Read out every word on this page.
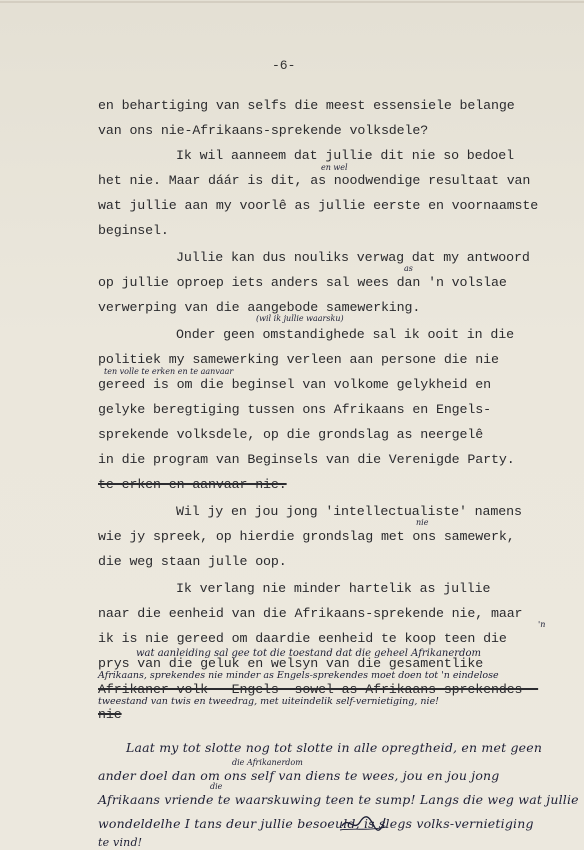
-6-
en behartiging van selfs die meest essensiele belange
van ons nie-Afrikaans-sprekende volksdele?
Ik wil aanneem dat jullie dit nie so bedoel
het nie. Maar dáár is dit, as noodwendige resultaat van
wat jullie aan my voorlê as jullie eerste en voornaamste
beginsel.
Jullie kan dus nouliks verwag dat my antwoord
op jullie oproep iets anders sal wees dan 'n volslae
verwerping van die aangebode samewerking.
Onder geen omstandighede sal ik ooit in die
politiek my samewerking verleen aan persone die nie
gereed is om die beginsel van volkome gelykheid en
gelyke beregtiging tussen ons Afrikaans en Engels-
sprekende volksdele, op die grondslag as neergelê
in die program van Beginsels van die Verenigde Party.
te erken en aanvaar nie.
Wil jy en jou jong 'intellectualiste' namens
wie jy spreek, op hierdie grondslag met ons samewerk,
die weg staan julle oop.
Ik verlang nie minder hartelik as jullie
naar die eenheid van die Afrikaans-sprekende nie, maar
ik is nie gereed om daardie eenheid te koop teen die
prys van die geluk en welsyn van die gesamentlike
Afrikaner-volk - Engels- sowel as Afrikaans-sprekendes -
nie
en wel
as
(wil ik jullie waarsku)
ten volle te erken en te aanvaar
nie
'n
wat aanleiding sal gee tot die toestand dat die geheel Afrikanerdom
Afrikaans, sprekendes nie minder as Engels-sprekendes moet doen tot 'n eindelose
tweestand van twis en tweedrag, met uiteindelik self-vernietiging, nie!
Laat my tot slotte nog tot slotte in alle opregtheid, en met geen
die Afrikanerdom
ander doel dan om ons self van diens te wees, jou en jou jong
die
Afrikaans vriende te waarskuwing teen te sump! Langs die weg wat jullie
wondeldelhe I tans deur jullie besoeuld, is slegs volks-vernietiging
te vind!
